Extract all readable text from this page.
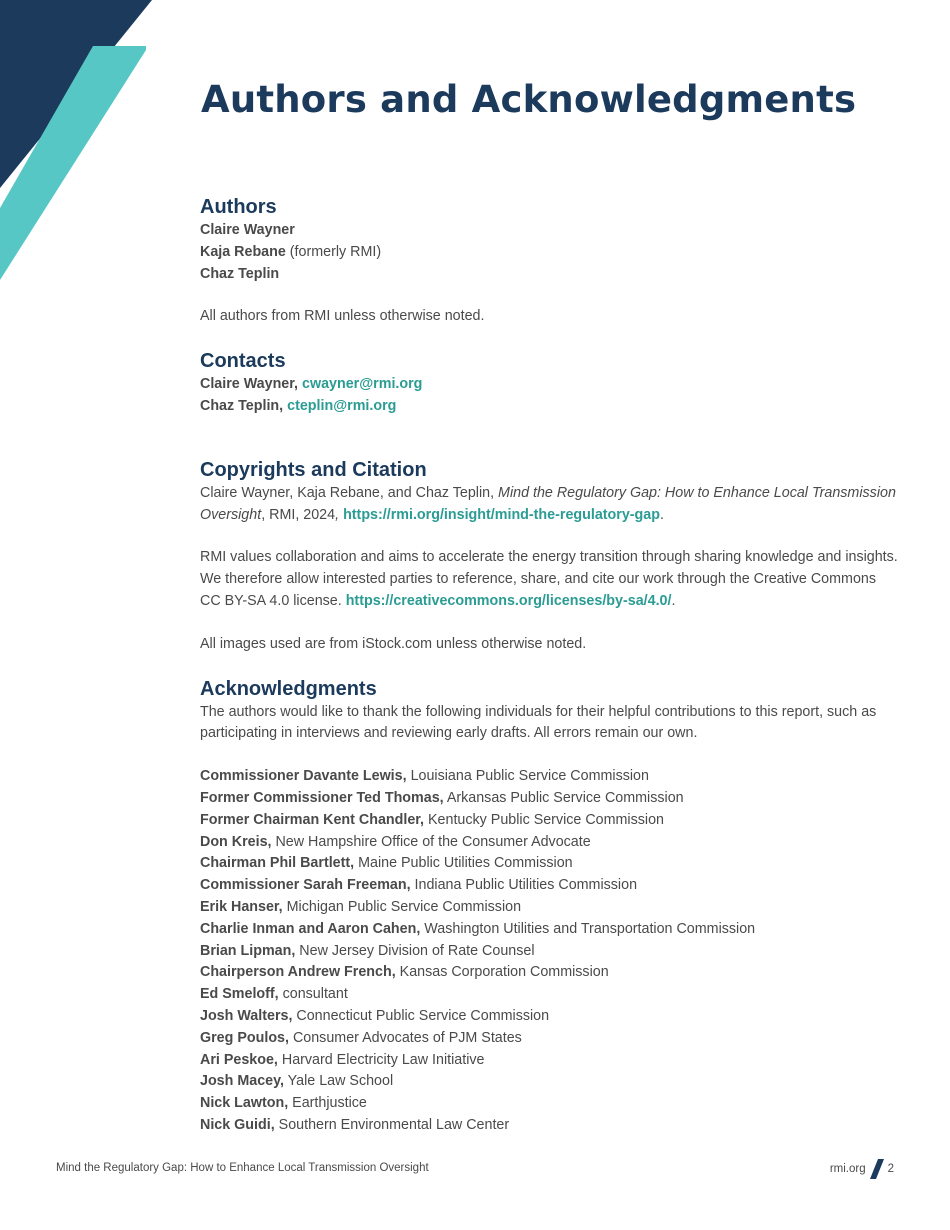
Authors and Acknowledgments
Authors

Claire Wayner

Kaja Rebane (formerly RMI)

Chaz Teplin

All authors from RMI unless otherwise noted.

Contacts

Claire Wayner, cwayner@rmi.org

Chaz Teplin, cteplin@rmi.org

Copyrights and Citation

Claire Wayner, Kaja Rebane, and Chaz Teplin, Mind the Regulatory Gap: How to Enhance Local Transmission Oversight, RMI, 2024, https://rmi.org/insight/mind-the-regulatory-gap.

RMI values collaboration and aims to accelerate the energy transition through sharing knowledge and insights. We therefore allow interested parties to reference, share, and cite our work through the Creative Commons CC BY-SA 4.0 license. https://creativecommons.org/licenses/by-sa/4.0/.

All images used are from iStock.com unless otherwise noted.

Acknowledgments

The authors would like to thank the following individuals for their helpful contributions to this report, such as participating in interviews and reviewing early drafts. All errors remain our own.

Commissioner Davante Lewis, Louisiana Public Service Commission

Former Commissioner Ted Thomas, Arkansas Public Service Commission

Former Chairman Kent Chandler, Kentucky Public Service Commission

Don Kreis, New Hampshire Office of the Consumer Advocate

Chairman Phil Bartlett, Maine Public Utilities Commission

Commissioner Sarah Freeman, Indiana Public Utilities Commission

Erik Hanser, Michigan Public Service Commission

Charlie Inman and Aaron Cahen, Washington Utilities and Transportation Commission

Brian Lipman, New Jersey Division of Rate Counsel

Chairperson Andrew French, Kansas Corporation Commission

Ed Smeloff, consultant

Josh Walters, Connecticut Public Service Commission

Greg Poulos, Consumer Advocates of PJM States

Ari Peskoe, Harvard Electricity Law Initiative

Josh Macey, Yale Law School

Nick Lawton, Earthjustice

Nick Guidi, Southern Environmental Law Center

Mind the Regulatory Gap: How to Enhance Local Transmission Oversight	rmi.org 2
